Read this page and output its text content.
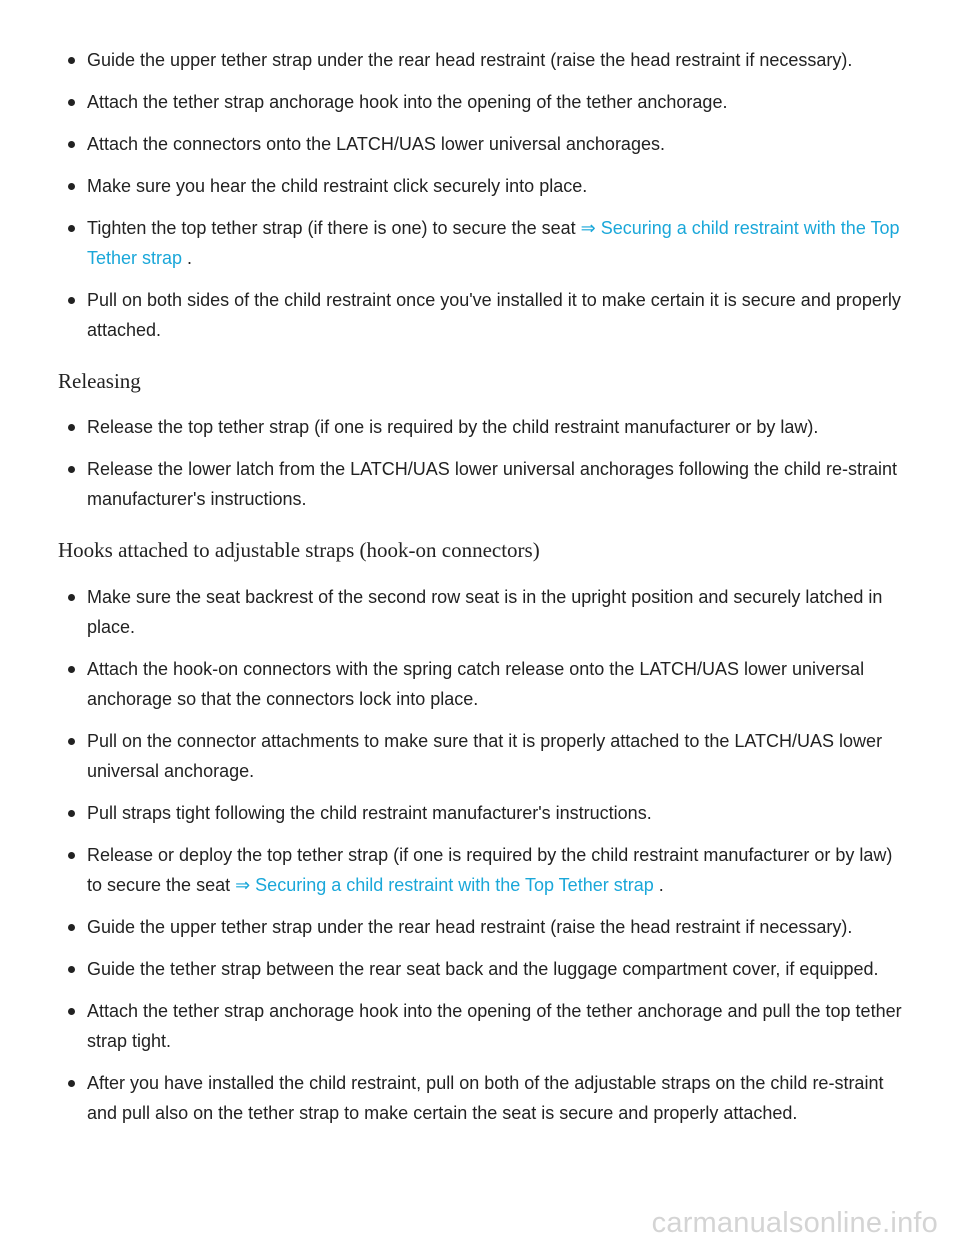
Guide the upper tether strap under the rear head restraint (raise the head restraint if necessary).
Attach the tether strap anchorage hook into the opening of the tether anchorage.
Attach the connectors onto the LATCH/UAS lower universal anchorages.
Make sure you hear the child restraint click securely into place.
Tighten the top tether strap (if there is one) to secure the seat ⇒ Securing a child restraint with the Top Tether strap .
Pull on both sides of the child restraint once you've installed it to make certain it is secure and properly attached.
Releasing
Release the top tether strap (if one is required by the child restraint manufacturer or by law).
Release the lower latch from the LATCH/UAS lower universal anchorages following the child re-straint manufacturer's instructions.
Hooks attached to adjustable straps (hook-on connectors)
Make sure the seat backrest of the second row seat is in the upright position and securely latched in place.
Attach the hook-on connectors with the spring catch release onto the LATCH/UAS lower universal anchorage so that the connectors lock into place.
Pull on the connector attachments to make sure that it is properly attached to the LATCH/UAS lower universal anchorage.
Pull straps tight following the child restraint manufacturer's instructions.
Release or deploy the top tether strap (if one is required by the child restraint manufacturer or by law) to secure the seat ⇒ Securing a child restraint with the Top Tether strap .
Guide the upper tether strap under the rear head restraint (raise the head restraint if necessary).
Guide the tether strap between the rear seat back and the luggage compartment cover, if equipped.
Attach the tether strap anchorage hook into the opening of the tether anchorage and pull the top tether strap tight.
After you have installed the child restraint, pull on both of the adjustable straps on the child re-straint and pull also on the tether strap to make certain the seat is secure and properly attached.
carmanualsonline.info
